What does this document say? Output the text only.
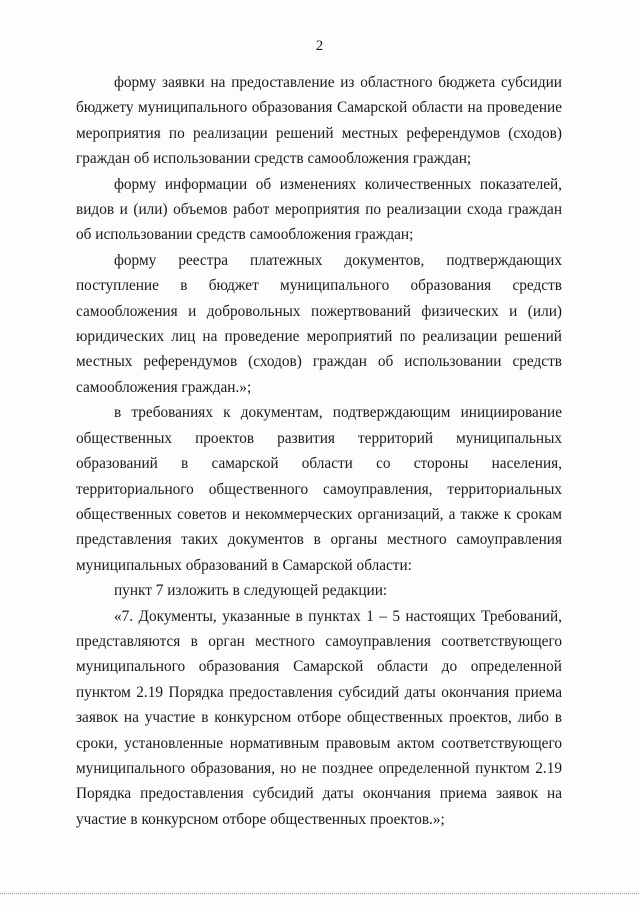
2

форму заявки на предоставление из областного бюджета субсидии бюджету муниципального образования Самарской области на проведение мероприятия по реализации решений местных референдумов (сходов) граждан об использовании средств самообложения граждан;

форму информации об изменениях количественных показателей, видов и (или) объемов работ мероприятия по реализации схода граждан об использовании средств самообложения граждан;

форму реестра платежных документов, подтверждающих поступление в бюджет муниципального образования средств самообложения и добровольных пожертвований физических и (или) юридических лиц на проведение мероприятий по реализации решений местных референдумов (сходов) граждан об использовании средств самообложения граждан.»;

в требованиях к документам, подтверждающим инициирование общественных проектов развития территорий муниципальных образований в самарской области со стороны населения, территориального общественного самоуправления, территориальных общественных советов и некоммерческих организаций, а также к срокам представления таких документов в органы местного самоуправления муниципальных образований в Самарской области:

пункт 7 изложить в следующей редакции:

«7. Документы, указанные в пунктах 1 – 5 настоящих Требований, представляются в орган местного самоуправления соответствующего муниципального образования Самарской области до определенной пунктом 2.19 Порядка предоставления субсидий даты окончания приема заявок на участие в конкурсном отборе общественных проектов, либо в сроки, установленные нормативным правовым актом соответствующего муниципального образования, но не позднее определенной пунктом 2.19 Порядка предоставления субсидий даты окончания приема заявок на участие в конкурсном отборе общественных проектов.»;
